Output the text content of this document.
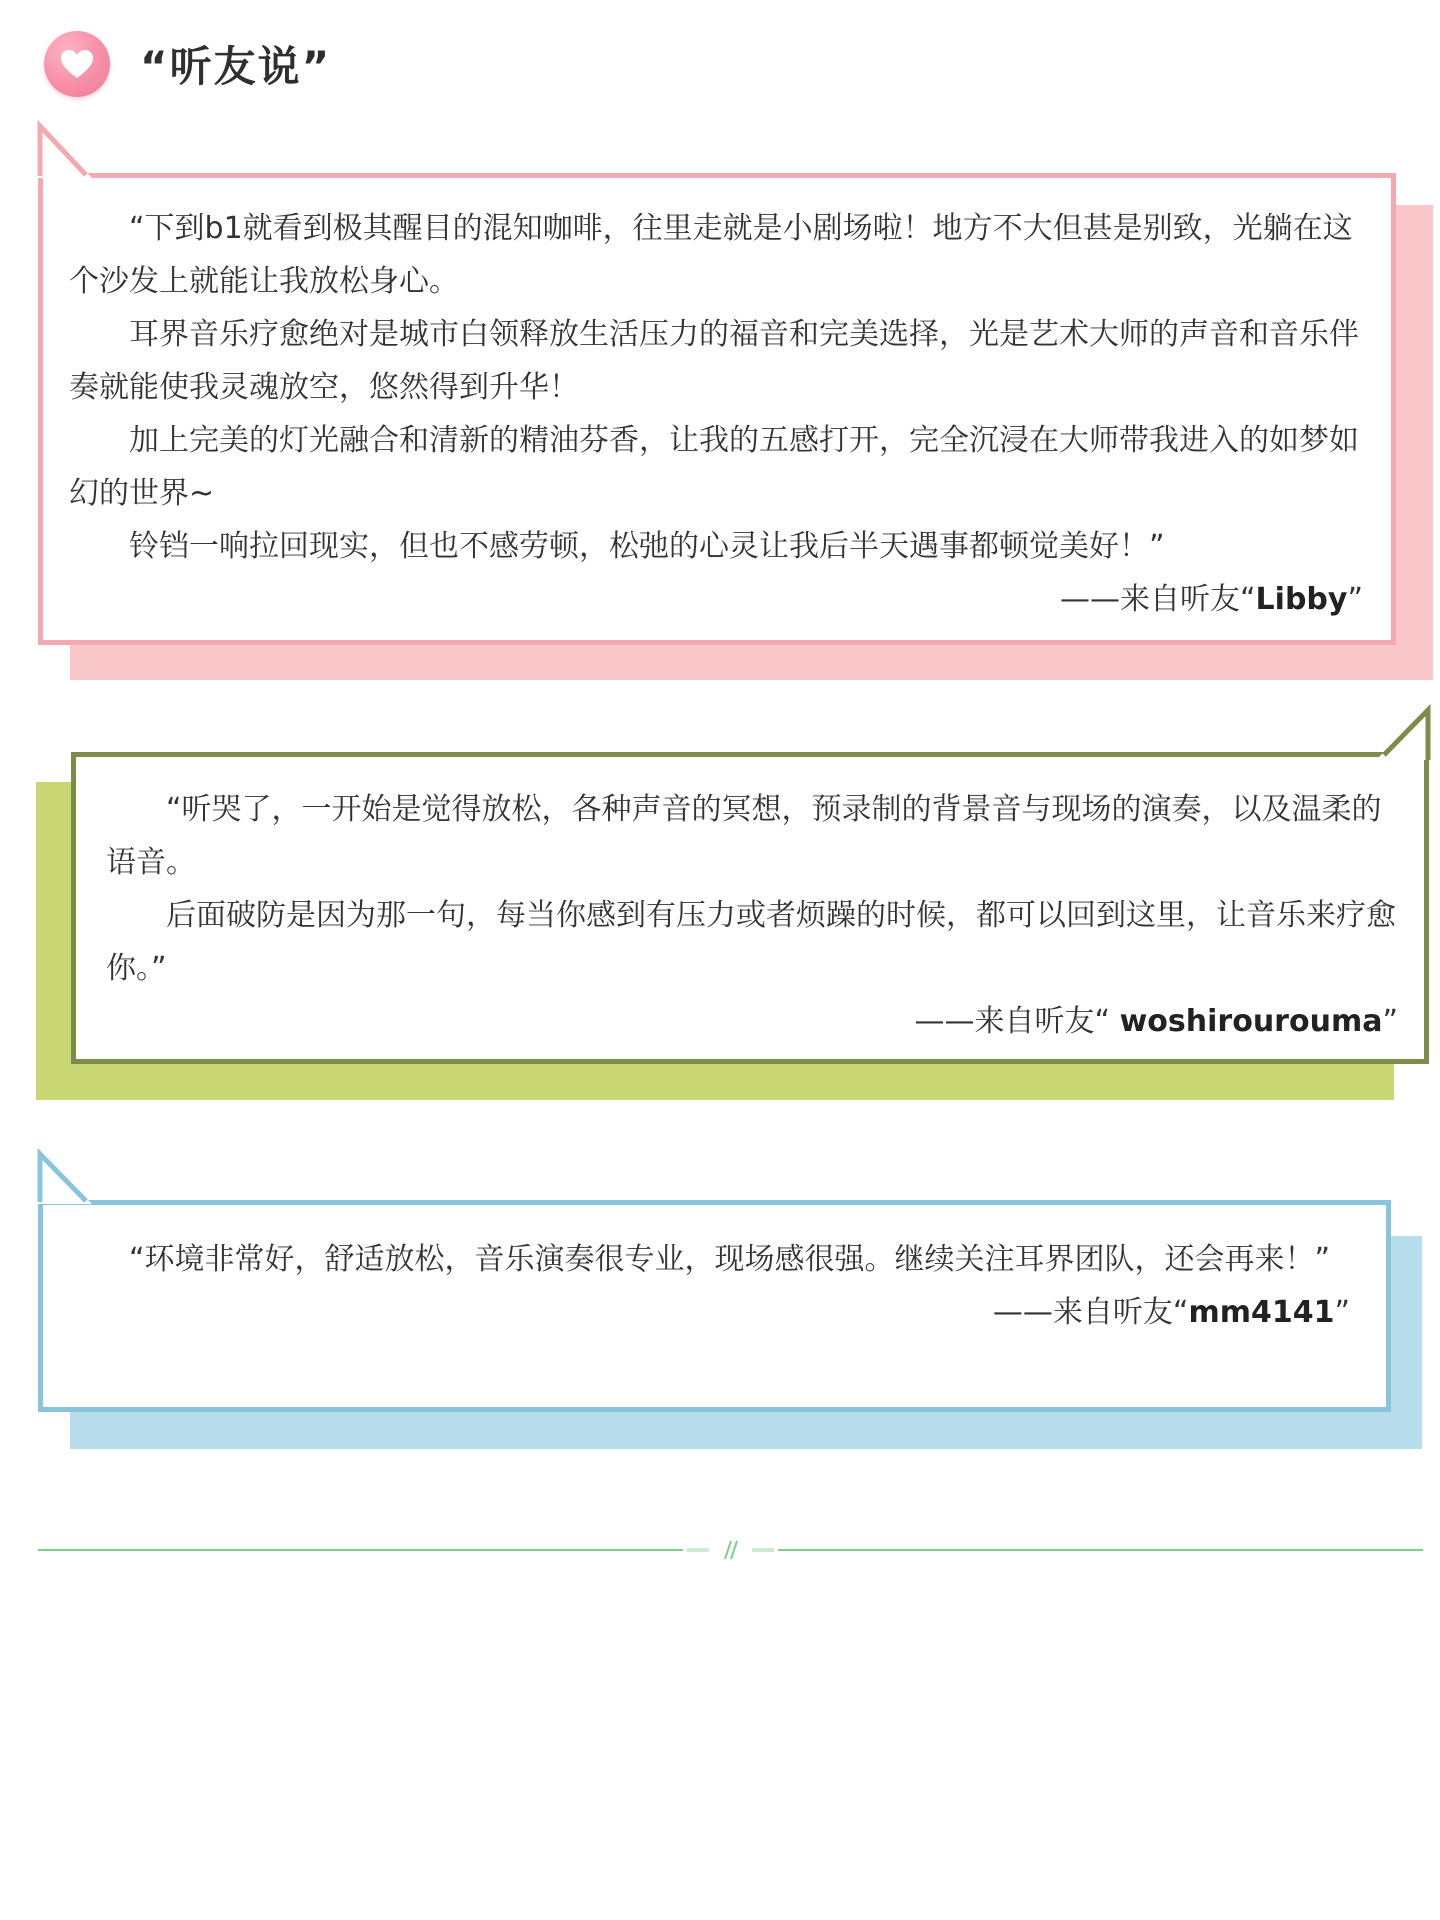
“听友说”

“下到b1就看到极其醒目的混知咖啡，往里走就是小剧场啦！地方不大但甚是别致，光躺在这个沙发上就能让我放松身心。

耳界音乐疗愈绝对是城市白领释放生活压力的福音和完美选择，光是艺术大师的声音和音乐伴奏就能使我灵魂放空，悠然得到升华！

加上完美的灯光融合和清新的精油芬香，让我的五感打开，完全沉浸在大师带我进入的如梦如幻的世界~

铃铛一响拉回现实，但也不感劳顿，松弛的心灵让我后半天遇事都顿觉美好！”

——来自听友“Libby”

“听哭了，一开始是觉得放松，各种声音的冥想，预录制的背景音与现场的演奏，以及温柔的语音。

后面破防是因为那一句，每当你感到有压力或者烦躁的时候，都可以回到这里，让音乐来疗愈你。”

——来自听友“ woshirourouma”

“环境非常好，舒适放松，音乐演奏很专业，现场感很强。继续关注耳界团队，还会再来！”

——来自听友“mm4141”
